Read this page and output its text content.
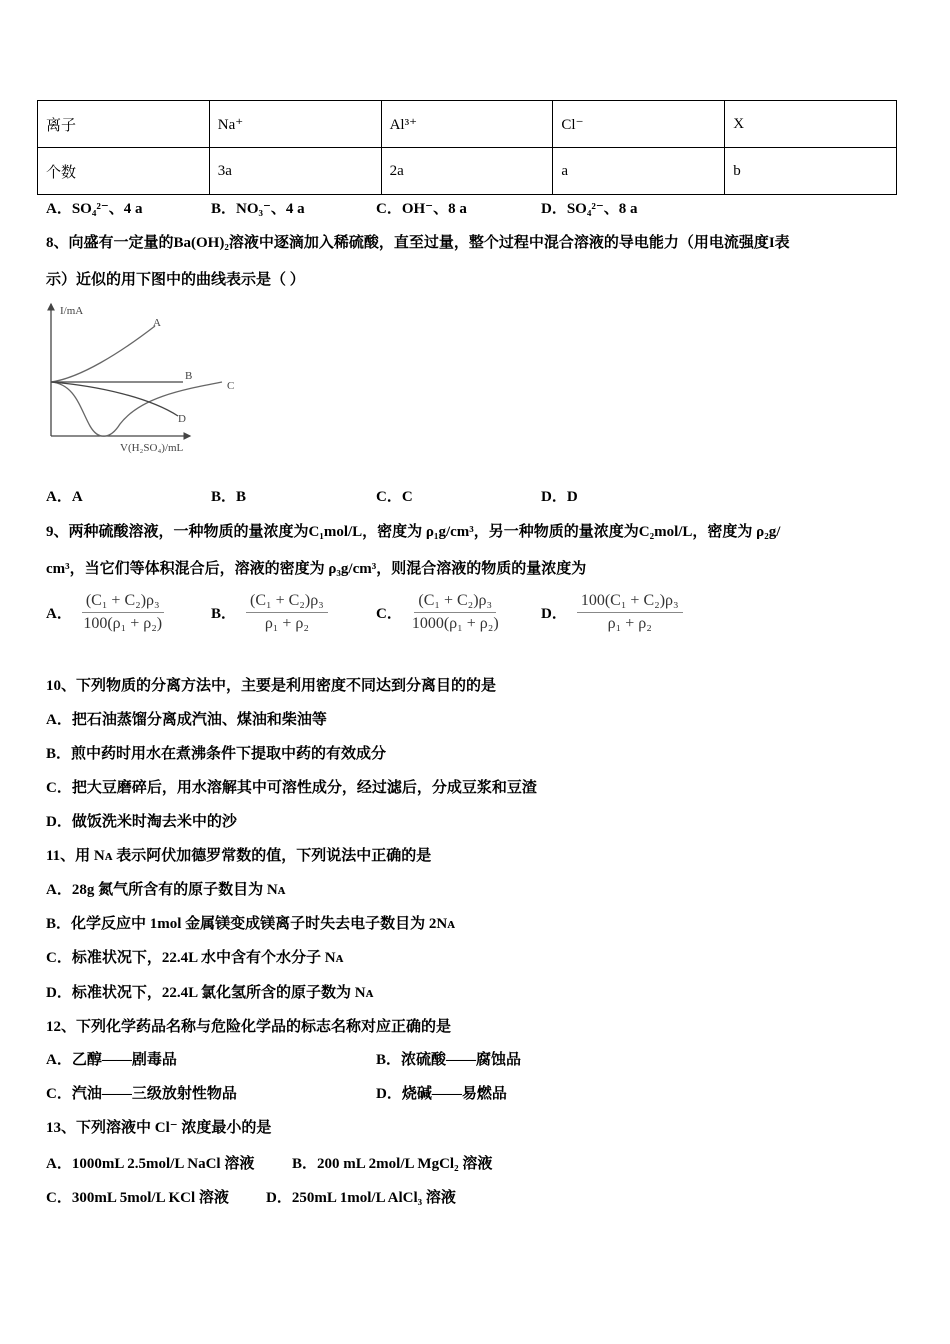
离子	Na⁺	Al³⁺	Cl⁻	X
个数	3a	2a	a	b
A．SO₄²⁻、4 a	B．NO₃⁻、4 a	C．OH⁻、8 a	D．SO₄²⁻、8 a
8、向盛有一定量的Ba(OH)₂溶液中逐滴加入稀硫酸，直至过量，整个过程中混合溶液的导电能力（用电流强度I表
示）近似的用下图中的曲线表示是（ ）
I/mA
V(H₂SO₄)/mL
A
B
C
D
A．A	B．B	C．C	D．D
9、两种硫酸溶液，一种物质的量浓度为C₁mol/L，密度为 ρ₁g/cm³，另一种物质的量浓度为C₂mol/L，密度为 ρ₂g/
cm³，当它们等体积混合后，溶液的密度为 ρ₃g/cm³，则混合溶液的物质的量浓度为
A． $\frac{\text{(C₁ + C₂)ρ₃}}{\text{100(ρ₁ + ρ₂)}}$	B． $\frac{\text{(C₁ + C₂)ρ₃}}{\text{ρ₁ + ρ₂}}$	C． $\frac{\text{(C₁ + C₂)ρ₃}}{\text{1000(ρ₁ + ρ₂)}}$	D． $\frac{\text{100(C₁ + C₂)ρ₃}}{\text{ρ₁ + ρ₂}}$
10、下列物质的分离方法中，主要是利用密度不同达到分离目的的是
A．把石油蒸馏分离成汽油、煤油和柴油等
B．煎中药时用水在煮沸条件下提取中药的有效成分
C．把大豆磨碎后，用水溶解其中可溶性成分，经过滤后，分成豆浆和豆渣
D．做饭洗米时淘去米中的沙
11、用 Nᴀ 表示阿伏加德罗常数的值，下列说法中正确的是
A．28g 氮气所含有的原子数目为 Nᴀ
B．化学反应中 1mol 金属镁变成镁离子时失去电子数目为 2Nᴀ
C．标准状况下，22.4L 水中含有个水分子 Nᴀ
D．标准状况下，22.4L 氯化氢所含的原子数为 Nᴀ
12、下列化学药品名称与危险化学品的标志名称对应正确的是
A．乙醇——剧毒品	B．浓硫酸——腐蚀品
C．汽油——三级放射性物品	D．烧碱——易燃品
13、下列溶液中 Cl⁻ 浓度最小的是
A．1000mL 2.5mol/L NaCl 溶液	B．200 mL 2mol/L MgCl₂ 溶液
C．300mL 5mol/L KCl 溶液 D．250mL 1mol/L AlCl₃ 溶液
